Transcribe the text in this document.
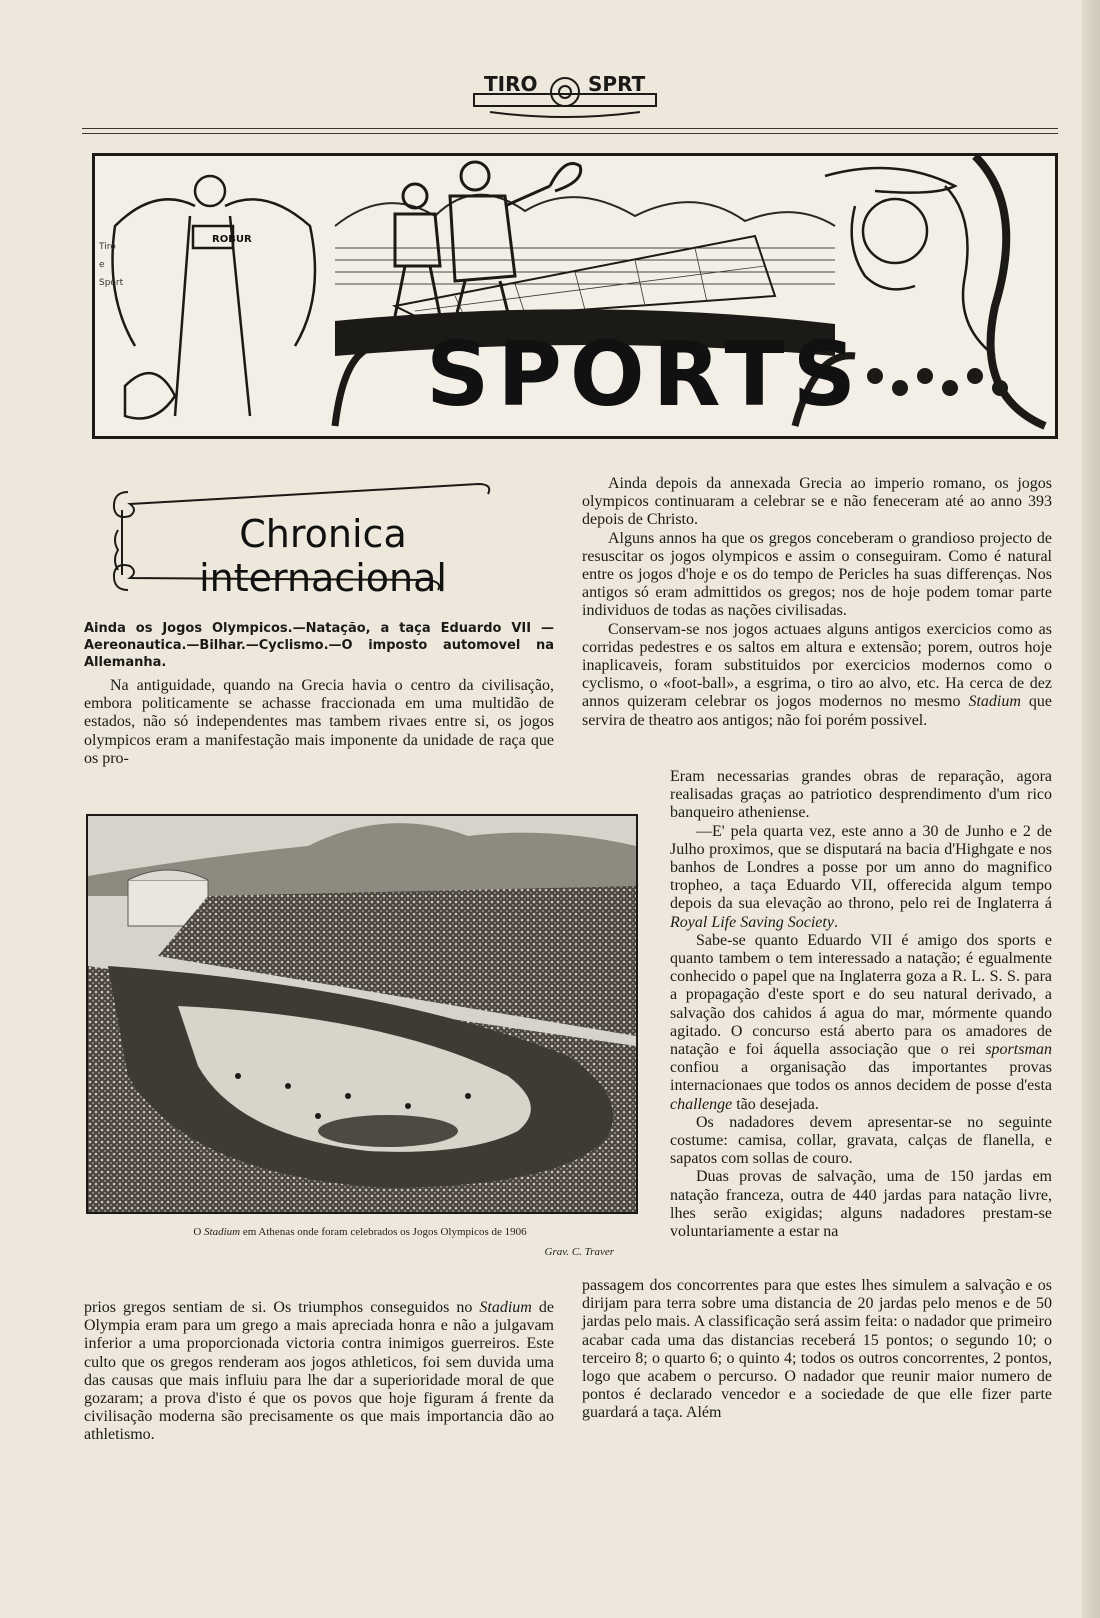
TIRO	SPRT
ROBUR
Tiro
e
Sport
SPORTS
Chronica internacional
Ainda os Jogos Olympicos.—Natação, a taça Eduardo VII —Aereonautica.—Bilhar.—Cyclismo.—O imposto automovel na Allemanha.

Na antiguidade, quando na Grecia havia o centro da civilisação, embora politicamente se achasse fraccionada em uma multidão de estados, não só independentes mas tambem rivaes entre si, os jogos olympicos eram a manifestação mais imponente da unidade de raça que os pro-

O Stadium em Athenas onde foram celebrados os Jogos Olympicos de 1906
Grav. C. Traver

prios gregos sentiam de si. Os triumphos conseguidos no Stadium de Olympia eram para um grego a mais apreciada honra e não a julgavam inferior a uma proporcionada victoria contra inimigos guerreiros. Este culto que os gregos renderam aos jogos athleticos, foi sem duvida uma das causas que mais influiu para lhe dar a superioridade moral de que gozaram; a prova d'isto é que os povos que hoje figuram á frente da civilisação moderna são precisamente os que mais importancia dão ao athletismo.

Ainda depois da annexada Grecia ao imperio romano, os jogos olympicos continuaram a celebrar se e não feneceram até ao anno 393 depois de Christo.

Alguns annos ha que os gregos conceberam o grandioso projecto de resuscitar os jogos olympicos e assim o conseguiram. Como é natural entre os jogos d'hoje e os do tempo de Pericles ha suas differenças. Nos antigos só eram admittidos os gregos; nos de hoje podem tomar parte individuos de todas as nações civilisadas.

Conservam-se nos jogos actuaes alguns antigos exercicios como as corridas pedestres e os saltos em altura e extensão; porem, outros hoje inaplicaveis, foram substituidos por exercicios modernos como o cyclismo, o «foot-ball», a esgrima, o tiro ao alvo, etc. Ha cerca de dez annos quizeram celebrar os jogos modernos no mesmo Stadium que servira de theatro aos antigos; não foi porém possivel.

Eram necessarias grandes obras de reparação, agora realisadas graças ao patriotico desprendimento d'um rico banqueiro atheniense.

—E' pela quarta vez, este anno a 30 de Junho e 2 de Julho proximos, que se disputará na bacia d'Highgate e nos banhos de Londres a posse por um anno do magnifico tropheo, a taça Eduardo VII, offerecida algum tempo depois da sua elevação ao throno, pelo rei de Inglaterra á Royal Life Saving Society.

Sabe-se quanto Eduardo VII é amigo dos sports e quanto tambem o tem interessado a natação; é egualmente conhecido o papel que na Inglaterra goza a R. L. S. S. para a propagação d'este sport e do seu natural derivado, a salvação dos cahidos á agua do mar, mórmente quando agitado. O concurso está aberto para os amadores de natação e foi áquella associação que o rei sportsman confiou a organisação das importantes provas internacionaes que todos os annos decidem de posse d'esta challenge tão desejada.

Os nadadores devem apresentar-se no seguinte costume: camisa, collar, gravata, calças de flanella, e sapatos com sollas de couro.

Duas provas de salvação, uma de 150 jardas em natação franceza, outra de 440 jardas para natação livre, lhes serão exigidas; alguns nadadores prestam-se voluntariamente a estar na

passagem dos concorrentes para que estes lhes simulem a salvação e os dirijam para terra sobre uma distancia de 20 jardas pelo menos e de 50 jardas pelo mais. A classificação será assim feita: o nadador que primeiro acabar cada uma das distancias receberá 15 pontos; o segundo 10; o terceiro 8; o quarto 6; o quinto 4; todos os outros concorrentes, 2 pontos, logo que acabem o percurso. O nadador que reunir maior numero de pontos é declarado vencedor e a sociedade de que elle fizer parte guardará a taça. Além
